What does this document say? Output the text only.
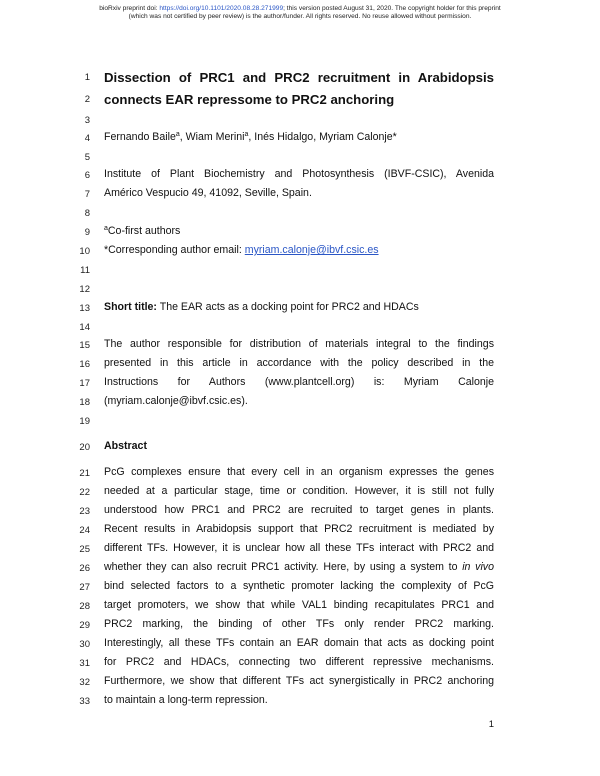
bioRxiv preprint doi: https://doi.org/10.1101/2020.08.28.271999; this version posted August 31, 2020. The copyright holder for this preprint
(which was not certified by peer review) is the author/funder. All rights reserved. No reuse allowed without permission.
1 Dissection of PRC1 and PRC2 recruitment in Arabidopsis
2 connects EAR repressome to PRC2 anchoring
3
4 Fernando Baile$^a$, Wiam Merini$^a$, Inés Hidalgo, Myriam Calonje*
5
6 Institute of Plant Biochemistry and Photosynthesis (IBVF-CSIC), Avenida
7 Américo Vespucio 49, 41092, Seville, Spain.
8
9 $^a$Co-first authors
10 *Corresponding author email: myriam.calonje@ibvf.csic.es
11
12
13 Short title: The EAR acts as a docking point for PRC2 and HDACs
14
15 The author responsible for distribution of materials integral to the findings
16 presented in this article in accordance with the policy described in the
17 Instructions for Authors (www.plantcell.org) is: Myriam Calonje
18 (myriam.calonje@ibvf.csic.es).
19
20 Abstract
21 PcG complexes ensure that every cell in an organism expresses the genes
22 needed at a particular stage, time or condition. However, it is still not fully
23 understood how PRC1 and PRC2 are recruited to target genes in plants.
24 Recent results in Arabidopsis support that PRC2 recruitment is mediated by
25 different TFs. However, it is unclear how all these TFs interact with PRC2 and
26 whether they can also recruit PRC1 activity. Here, by using a system to in vivo
27 bind selected factors to a synthetic promoter lacking the complexity of PcG
28 target promoters, we show that while VAL1 binding recapitulates PRC1 and
29 PRC2 marking, the binding of other TFs only render PRC2 marking.
30 Interestingly, all these TFs contain an EAR domain that acts as docking point
31 for PRC2 and HDACs, connecting two different repressive mechanisms.
32 Furthermore, we show that different TFs act synergistically in PRC2 anchoring
33 to maintain a long-term repression.
1
